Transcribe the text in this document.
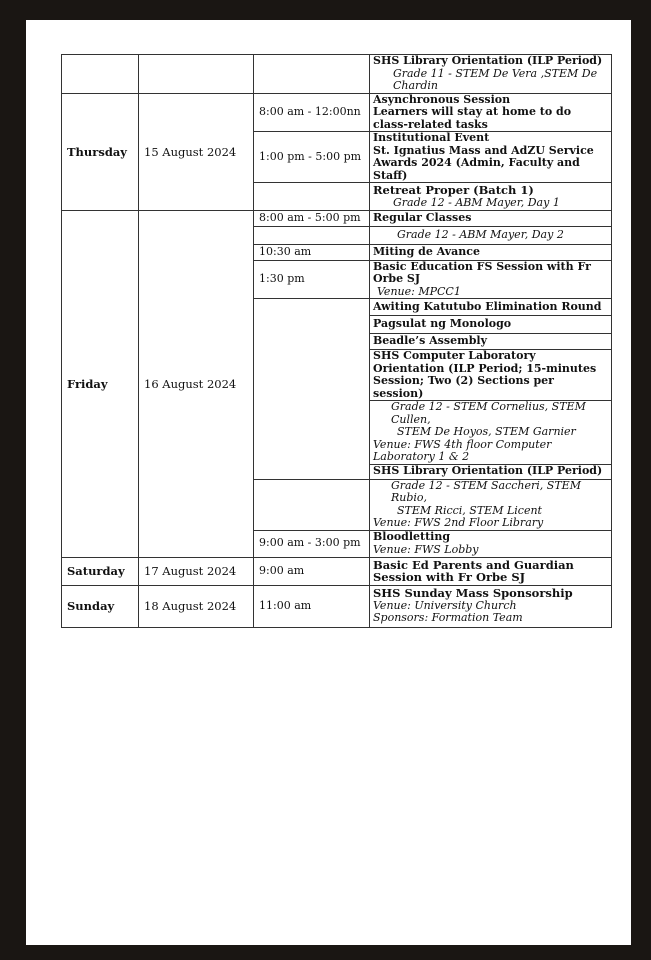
			SHS Library Orientation (ILP Period)
Grade 11 - STEM De Vera ,STEM De Chardin

Thursday	15 August 2024	8:00 am - 12:00nn	Asynchronous Session
Learners will stay at home to do class-related tasks

		1:00 pm - 5:00 pm	Institutional Event
St. Ignatius Mass and AdZU Service Awards 2024 (Admin, Faculty and Staff)

			Retreat Proper (Batch 1)
Grade 12 - ABM Mayer, Day 1

Friday	16 August 2024	8:00 am - 5:00 pm	Regular Classes

			Grade 12 - ABM Mayer, Day 2

		10:30 am	Miting de Avance

		1:30 pm	Basic Education FS Session with Fr Orbe SJ
Venue: MPCC1

			Awiting Katutubo Elimination Round

			Pagsulat ng Monologo

			Beadle’s Assembly

			SHS Computer Laboratory Orientation (ILP Period; 15-minutes Session; Two (2) Sections per session)

			Grade 12 - STEM Cornelius, STEM Cullen,
STEM De Hoyos, STEM Garnier
Venue: FWS 4th floor Computer Laboratory 1 & 2

			SHS Library Orientation (ILP Period)

			Grade 12 - STEM Saccheri, STEM Rubio,
STEM Ricci, STEM Licent
Venue: FWS 2nd Floor Library

		9:00 am - 3:00 pm	Bloodletting
Venue: FWS Lobby

Saturday	17 August 2024	9:00 am	Basic Ed Parents and Guardian Session with Fr Orbe SJ

Sunday	18 August 2024	11:00 am	SHS Sunday Mass Sponsorship
Venue: University Church
Sponsors: Formation Team
